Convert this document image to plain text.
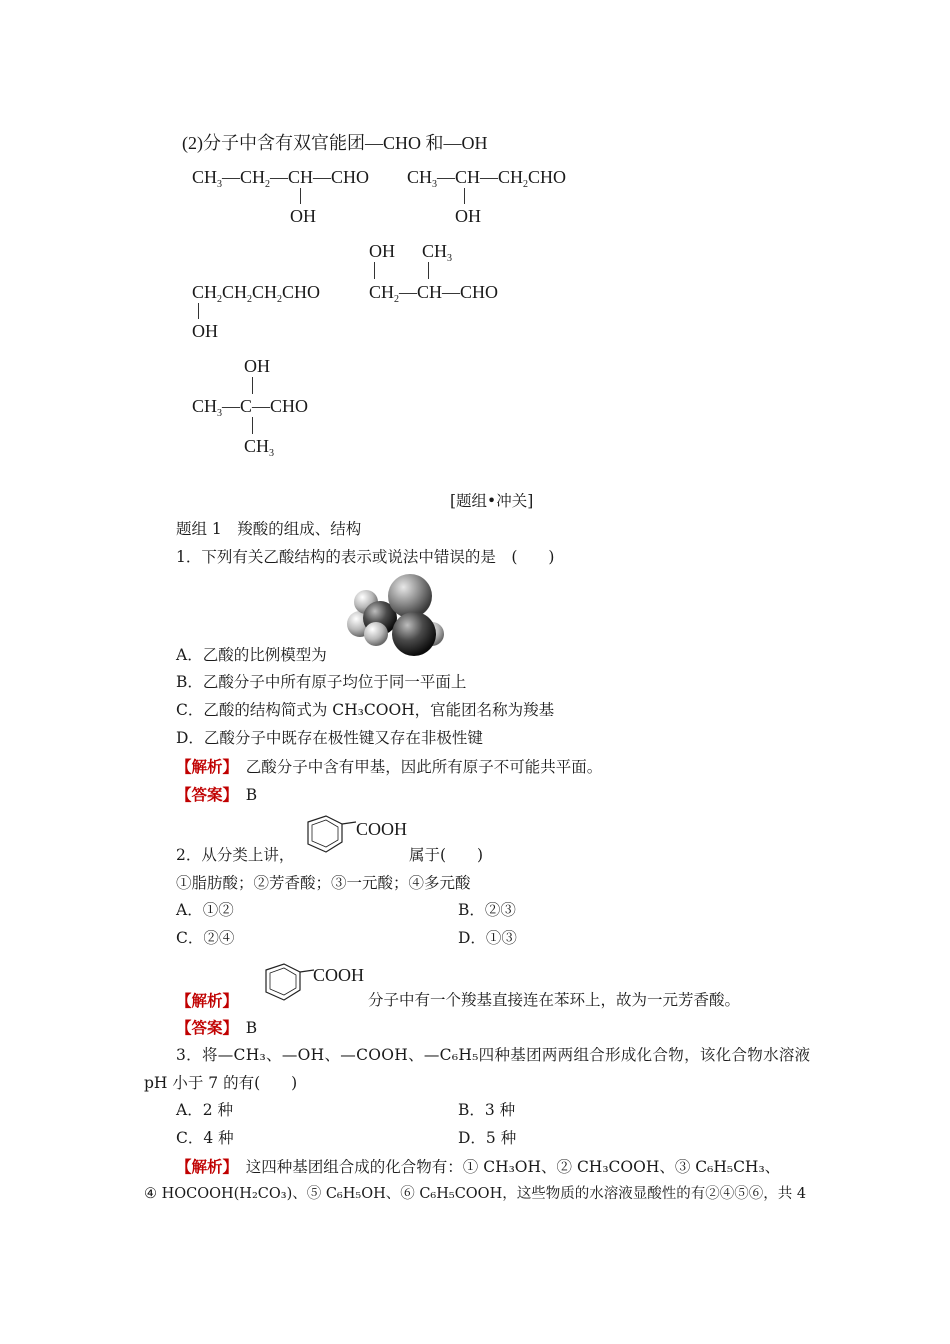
(2)分子中含有双官能团—CHO 和—OH
$CH_3—CH_2—CH—CHO$
OH
$CH_3—CH—CH_2CHO$
OH
$CH_2CH_2CH_2CHO$
OH
OH $CH_3$
$CH_2—CH—CHO$
OH
$CH_3—C—CHO$
$CH_3$
[题组•冲关]
题组 1　羧酸的组成、结构
1．下列有关乙酸结构的表示或说法中错误的是　(　　)
A．乙酸的比例模型为
B．乙酸分子中所有原子均位于同一平面上
C．乙酸的结构简式为 CH₃COOH，官能团名称为羧基
D．乙酸分子中既存在极性键又存在非极性键
【解析】　 乙酸分子中含有甲基，因此所有原子不可能共平面。
【答案】　 B
COOH
2．从分类上讲，	属于(　　)
①脂肪酸；②芳香酸；③一元酸；④多元酸
A．①②	B．②③
C．②④	D．①③
COOH
【解析】	分子中有一个羧基直接连在苯环上，故为一元芳香酸。
【答案】　 B
3．将—CH₃、—OH、—COOH、—C₆H₅四种基团两两组合形成化合物，该化合物水溶液
pH 小于 7 的有(　　)
A．2 种	B．3 种
C．4 种	D．5 种
【解析】　 这四种基团组合成的化合物有：① CH₃OH、② CH₃COOH、③ C₆H₅CH₃、
④ HOCOOH(H₂CO₃)、⑤ C₆H₅OH、⑥ C₆H₅COOH，这些物质的水溶液显酸性的有②④⑤⑥，共 4
